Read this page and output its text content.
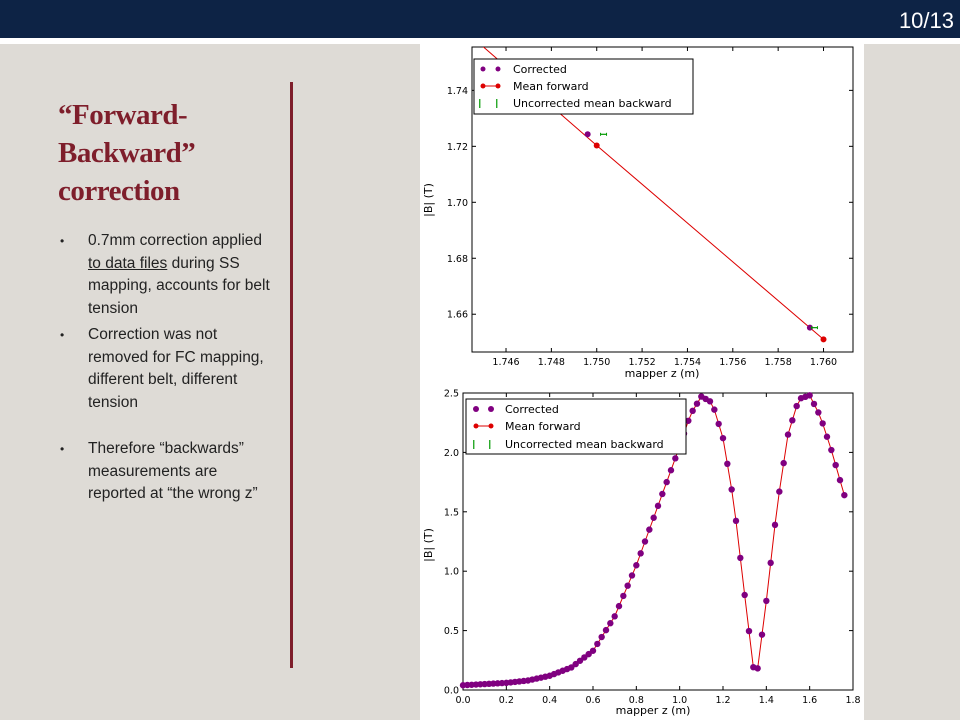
10/13
“Forward-
Backward”
correction
• 0.7mm correction applied to data files during SS mapping, accounts for belt tension
• Correction was not removed for FC mapping, different belt, different tension
• Therefore “backwards” measurements are reported at “the wrong z”
1.746 1.748 1.750 1.752 1.754 1.756 1.758 1.760
1.66
1.68
1.70
1.72
1.74
mapper z (m)
|B| (T)
Corrected
Mean forward
I I Uncorrected mean backward
0.0	0.2	0.4	0.6	0.8	1.0	1.2	1.4	1.6	1.8
0.0
0.5
1.0
1.5
2.0
2.5
mapper z (m)
|B| (T)
Corrected
Mean forward
I I Uncorrected mean backward
